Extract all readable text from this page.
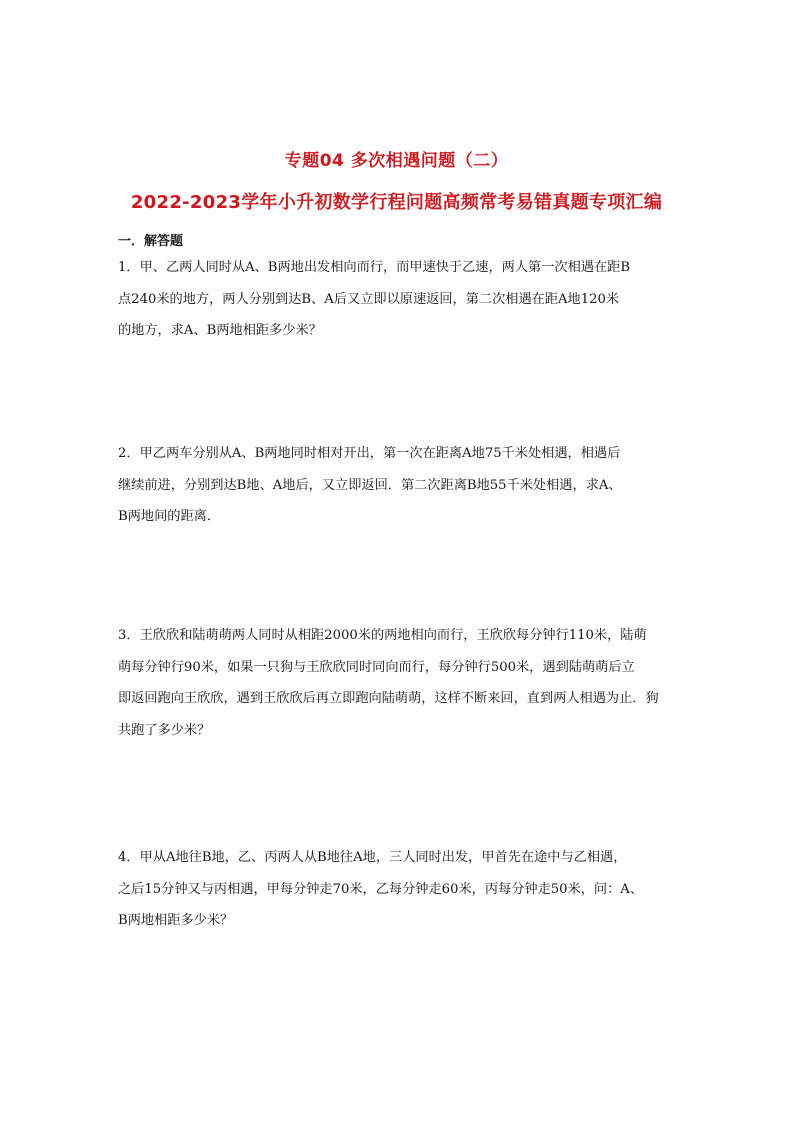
专题04 多次相遇问题（二）
2022-2023学年小升初数学行程问题高频常考易错真题专项汇编
一．解答题

1．甲、乙两人同时从A、B两地出发相向而行，而甲速快于乙速，两人第一次相遇在距B

点240米的地方，两人分别到达B、A后又立即以原速返回，第二次相遇在距A地120米

的地方，求A、B两地相距多少米？

2．甲乙两车分别从A、B两地同时相对开出，第一次在距离A地75千米处相遇，相遇后

继续前进，分别到达B地、A地后，又立即返回．第二次距离B地55千米处相遇，求A、

B两地间的距离．

3．王欣欣和陆萌萌两人同时从相距2000米的两地相向而行，王欣欣每分钟行110米，陆萌

萌每分钟行90米，如果一只狗与王欣欣同时同向而行，每分钟行500米，遇到陆萌萌后立

即返回跑向王欣欣，遇到王欣欣后再立即跑向陆萌萌，这样不断来回，直到两人相遇为止．狗

共跑了多少米？

4．甲从A地往B地，乙、丙两人从B地往A地，三人同时出发，甲首先在途中与乙相遇，

之后15分钟又与丙相遇，甲每分钟走70米，乙每分钟走60米，丙每分钟走50米，问：A、

B两地相距多少米？
